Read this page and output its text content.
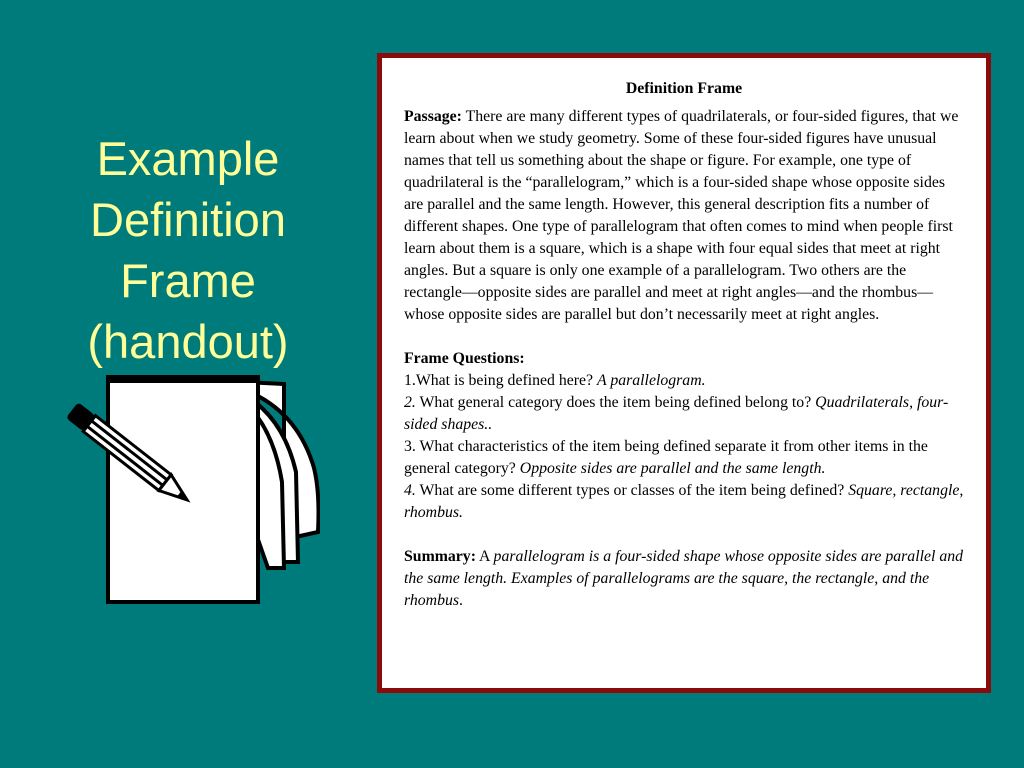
Example
Definition
Frame
(handout)
Definition Frame

Passage: There are many different types of quadrilaterals, or four-sided figures, that we learn about when we study geometry. Some of these four-sided figures have unusual names that tell us something about the shape or figure. For example, one type of quadrilateral is the “parallelogram,” which is a four-sided shape whose opposite sides are parallel and the same length. However, this general description fits a number of different shapes. One type of parallelogram that often comes to mind when people first learn about them is a square, which is a shape with four equal sides that meet at right angles. But a square is only one example of a parallelogram. Two others are the rectangle—opposite sides are parallel and meet at right angles—and the rhombus—whose opposite sides are parallel but don’t necessarily meet at right angles.

Frame Questions:
1.What is being defined here? A parallelogram.
2. What general category does the item being defined belong to? Quadrilaterals, four-sided shapes..
3. What characteristics of the item being defined separate it from other items in the general category? Opposite sides are parallel and the same length.
4. What are some different types or classes of the item being defined? Square, rectangle, rhombus.

Summary: A parallelogram is a four-sided shape whose opposite sides are parallel and the same length. Examples of parallelograms are the square, the rectangle, and the rhombus.
